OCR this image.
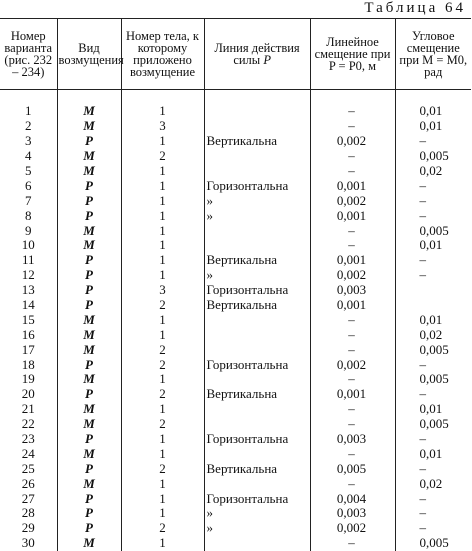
Таблица 64
Номер варианта (рис. 232 – 234)	Вид возмущения	Номер тела, к которому приложено возмущение	Линия действия силы P⃗	Линейное смещение при P = P0, м	Угловое смещение при M = M0, рад

1	M	1		–	0,01
2	M	3		–	0,01
3	P	1	Вертикальна	0,002	–
4	M	2		–	0,005
5	M	1		–	0,02
6	P	1	Горизонтальна	0,001	–
7	P	1	»	0,002	–
8	P	1	»	0,001	–
9	M	1		–	0,005
10	M	1		–	0,01
11	P	1	Вертикальна	0,001	–
12	P	1	»	0,002	–
13	P	3	Горизонтальна	0,003	
14	P	2	Вертикальна	0,001	
15	M	1		–	0,01
16	M	1		–	0,02
17	M	2		–	0,005
18	P	2	Горизонтальна	0,002	–
19	M	1		–	0,005
20	P	2	Вертикальна	0,001	–
21	M	1		–	0,01
22	M	2		–	0,005
23	P	1	Горизонтальна	0,003	–
24	M	1		–	0,01
25	P	2	Вертикальна	0,005	–
26	M	1		–	0,02
27	P	1	Горизонтальна	0,004	–
28	P	1	»	0,003	–
29	P	2	»	0,002	–
30	M	1		–	0,005
